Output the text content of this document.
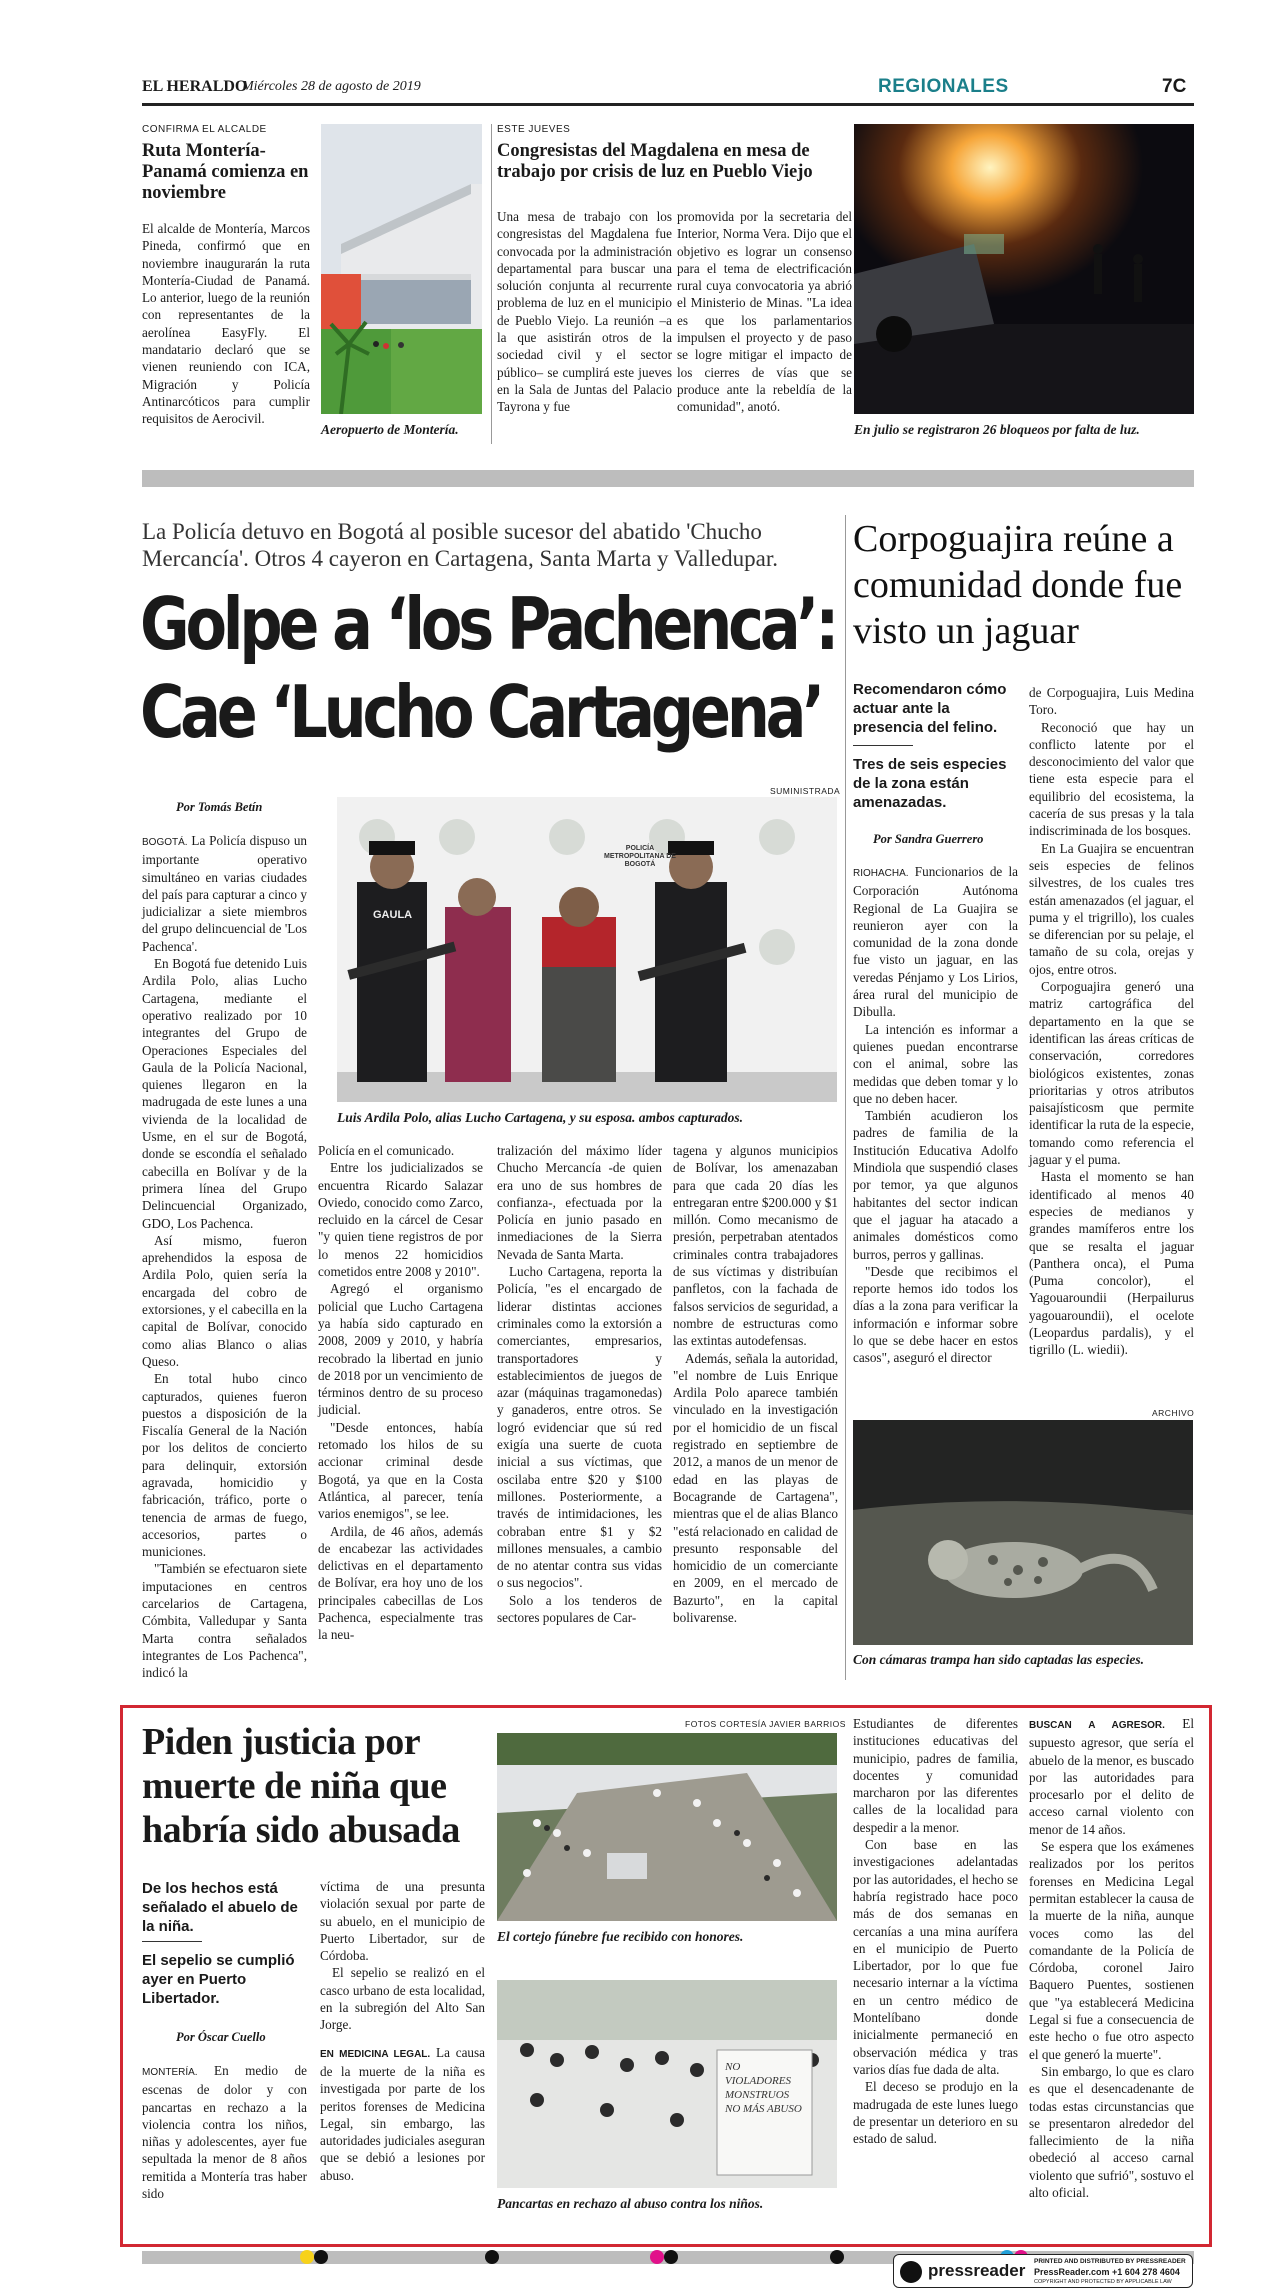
EL HERALDO
Miércoles 28 de agosto de 2019	REGIONALES	7C
CONFIRMA EL ALCALDE
Ruta Montería-Panamá comienza en noviembre
El alcalde de Montería, Marcos Pineda, confirmó que en noviembre inaugurarán la ruta Montería-Ciudad de Panamá. Lo anterior, luego de la reunión con representantes de la aerolínea EasyFly. El mandatario declaró que se vienen reuniendo con ICA, Migración y Policía Antinarcóticos para cumplir requisitos de Aerocivil.
Aeropuerto de Montería.
ESTE JUEVES
Congresistas del Magdalena en mesa de trabajo por crisis de luz en Pueblo Viejo
Una mesa de trabajo con los congresistas del Magdalena fue convocada por la administración departamental para buscar una solución conjunta al recurrente problema de luz en el municipio de Pueblo Viejo. La reunión –a la que asistirán otros de la sociedad civil y el sector público– se cumplirá este jueves en la Sala de Juntas del Palacio Tayrona y fue
promovida por la secretaria del Interior, Norma Vera. Dijo que el objetivo es lograr un consenso para el tema de electrificación rural cuya convocatoria ya abrió el Ministerio de Minas. "La idea es que los parlamentarios impulsen el proyecto y de paso se logre mitigar el impacto de los cierres de vías que se produce ante la rebeldía de la comunidad", anotó.
En julio se registraron 26 bloqueos por falta de luz.
La Policía detuvo en Bogotá al posible sucesor del abatido 'Chucho Mercancía'. Otros 4 cayeron en Cartagena, Santa Marta y Valledupar.
Golpe a ‘los Pachenca’:
Cae ‘Lucho Cartagena’
SUMINISTRADA
Por Tomás Betín
GAULA
POLICÍA METROPOLITANA DE BOGOTÁ
Luis Ardila Polo, alias Lucho Cartagena, y su esposa. ambos capturados.

BOGOTÁ. La Policía dispuso un importante operativo simultáneo en varias ciudades del país para capturar a cinco y judicializar a siete miembros del grupo delincuencial de 'Los Pachenca'.

En Bogotá fue detenido Luis Ardila Polo, alias Lucho Cartagena, mediante el operativo realizado por 10 integrantes del Grupo de Operaciones Especiales del Gaula de la Policía Nacional, quienes llegaron en la madrugada de este lunes a una vivienda de la localidad de Usme, en el sur de Bogotá, donde se escondía el señalado cabecilla en Bolívar y de la primera línea del Grupo Delincuencial Organizado, GDO, Los Pachenca.

Así mismo, fueron aprehendidos la esposa de Ardila Polo, quien sería la encargada del cobro de extorsiones, y el cabecilla en la capital de Bolívar, conocido como alias Blanco o alias Queso.

En total hubo cinco capturados, quienes fueron puestos a disposición de la Fiscalía General de la Nación por los delitos de concierto para delinquir, extorsión agravada, homicidio y fabricación, tráfico, porte o tenencia de armas de fuego, accesorios, partes o municiones.

"También se efectuaron siete imputaciones en centros carcelarios de Cartagena, Cómbita, Valledupar y Santa Marta contra señalados integrantes de Los Pachenca", indicó la

Policía en el comunicado.

Entre los judicializados se encuentra Ricardo Salazar Oviedo, conocido como Zarco, recluido en la cárcel de Cesar "y quien tiene registros de por lo menos 22 homicidios cometidos entre 2008 y 2010".

Agregó el organismo policial que Lucho Cartagena ya había sido capturado en 2008, 2009 y 2010, y habría recobrado la libertad en junio de 2018 por un vencimiento de términos dentro de su proceso judicial.

"Desde entonces, había retomado los hilos de su accionar criminal desde Bogotá, ya que en la Costa Atlántica, al parecer, tenía varios enemigos", se lee.

Ardila, de 46 años, además de encabezar las actividades delictivas en el departamento de Bolívar, era hoy uno de los principales cabecillas de Los Pachenca, especialmente tras la neu-

tralización del máximo líder Chucho Mercancía -de quien era uno de sus hombres de confianza-, efectuada por la Policía en junio pasado en inmediaciones de la Sierra Nevada de Santa Marta.

Lucho Cartagena, reporta la Policía, "es el encargado de liderar distintas acciones criminales como la extorsión a comerciantes, empresarios, transportadores y establecimientos de juegos de azar (máquinas tragamonedas) y ganaderos, entre otros. Se logró evidenciar que sú red exigía una suerte de cuota inicial a sus víctimas, que oscilaba entre $20 y $100 millones. Posteriormente, a través de intimidaciones, les cobraban entre $1 y $2 millones mensuales, a cambio de no atentar contra sus vidas o sus negocios".

Solo a los tenderos de sectores populares de Car-

tagena y algunos municipios de Bolívar, los amenazaban para que cada 20 días les entregaran entre $200.000 y $1 millón. Como mecanismo de presión, perpetraban atentados criminales contra trabajadores de sus víctimas y distribuían panfletos, con la fachada de falsos servicios de seguridad, a nombre de estructuras como las extintas autodefensas.

Además, señala la autoridad, "el nombre de Luis Enrique Ardila Polo aparece también vinculado en la investigación por el homicidio de un fiscal registrado en septiembre de 2012, a manos de un menor de edad en las playas de Bocagrande de Cartagena", mientras que el de alias Blanco "está relacionado en calidad de presunto responsable del homicidio de un comerciante en 2009, en el mercado de Bazurto", en la capital bolivarense.

Corpoguajira reúne a comunidad donde fue visto un jaguar
Recomendaron cómo actuar ante la presencia del felino.
Tres de seis especies de la zona están amenazadas.
Por Sandra Guerrero

RIOHACHA. Funcionarios de la Corporación Autónoma Regional de La Guajira se reunieron ayer con la comunidad de la zona donde fue visto un jaguar, en las veredas Pénjamo y Los Lirios, área rural del municipio de Dibulla.

La intención es informar a quienes puedan encontrarse con el animal, sobre las medidas que deben tomar y lo que no deben hacer.

También acudieron los padres de familia de la Institución Educativa Adolfo Mindiola que suspendió clases por temor, ya que algunos habitantes del sector indican que el jaguar ha atacado a animales domésticos como burros, perros y gallinas.

"Desde que recibimos el reporte hemos ido todos los días a la zona para verificar la información e informar sobre lo que se debe hacer en estos casos", aseguró el director

de Corpoguajira, Luis Medina Toro.

Reconoció que hay un conflicto latente por el desconocimiento del valor que tiene esta especie para el equilibrio del ecosistema, la cacería de sus presas y la tala indiscriminada de los bosques.

En La Guajira se encuentran seis especies de felinos silvestres, de los cuales tres están amenazados (el jaguar, el puma y el trigrillo), los cuales se diferencian por su pelaje, el tamaño de su cola, orejas y ojos, entre otros.

Corpoguajira generó una matriz cartográfica del departamento en la que se identifican las áreas críticas de conservación, corredores biológicos existentes, zonas prioritarias y otros atributos paisajísticosm que permite identificar la ruta de la especie, tomando como referencia el jaguar y el puma.

Hasta el momento se han identificado al menos 40 especies de medianos y grandes mamíferos entre los que se resalta el jaguar (Panthera onca), el Puma (Puma concolor), el Yagouaroundii (Herpailurus yagouaroundii), el ocelote (Leopardus pardalis), y el tigrillo (L. wiedii).

ARCHIVO
Con cámaras trampa han sido captadas las especies.
Piden justicia por muerte de niña que habría sido abusada
De los hechos está señalado el abuelo de la niña.
El sepelio se cumplió ayer en Puerto Libertador.
Por Óscar Cuello

MONTERÍA. En medio de escenas de dolor y con pancartas en rechazo a la violencia contra los niños, niñas y adolescentes, ayer fue sepultada la menor de 8 años remitida a Montería tras haber sido

víctima de una presunta violación sexual por parte de su abuelo, en el municipio de Puerto Libertador, sur de Córdoba.

El sepelio se realizó en el casco urbano de esta localidad, en la subregión del Alto San Jorge.

EN MEDICINA LEGAL. La causa de la muerte de la niña es investigada por parte de los peritos forenses de Medicina Legal, sin embargo, las autoridades judiciales aseguran que se debió a lesiones por abuso.

FOTOS CORTESÍA JAVIER BARRIOS
El cortejo fúnebre fue recibido con honores.
NO VIOLADORES MONSTRUOS NO MÁS ABUSO
Pancartas en rechazo al abuso contra los niños.

Estudiantes de diferentes instituciones educativas del municipio, padres de familia, docentes y comunidad marcharon por las diferentes calles de la localidad para despedir a la menor.

Con base en las investigaciones adelantadas por las autoridades, el hecho se habría registrado hace poco más de dos semanas en cercanías a una mina aurífera en el municipio de Puerto Libertador, por lo que fue necesario internar a la víctima en un centro médico de Montelíbano donde inicialmente permaneció en observación médica y tras varios días fue dada de alta.

El deceso se produjo en la madrugada de este lunes luego de presentar un deterioro en su estado de salud.

BUSCAN A AGRESOR. El supuesto agresor, que sería el abuelo de la menor, es buscado por las autoridades para procesarlo por el delito de acceso carnal violento con menor de 14 años.

Se espera que los exámenes realizados por los peritos forenses en Medicina Legal permitan establecer la causa de la muerte de la niña, aunque voces como las del comandante de la Policía de Córdoba, coronel Jairo Baquero Puentes, sostienen que "ya establecerá Medicina Legal si fue a consecuencia de este hecho o fue otro aspecto el que generó la muerte".

Sin embargo, lo que es claro es que el desencadenante de todas estas circunstancias que se presentaron alrededor del fallecimiento de la niña obedeció al acceso carnal violento que sufrió", sostuvo el alto oficial.

pressreader PRINTED AND DISTRIBUTED BY PRESSREADER
PressReader.com +1 604 278 4604
COPYRIGHT AND PROTECTED BY APPLICABLE LAW
